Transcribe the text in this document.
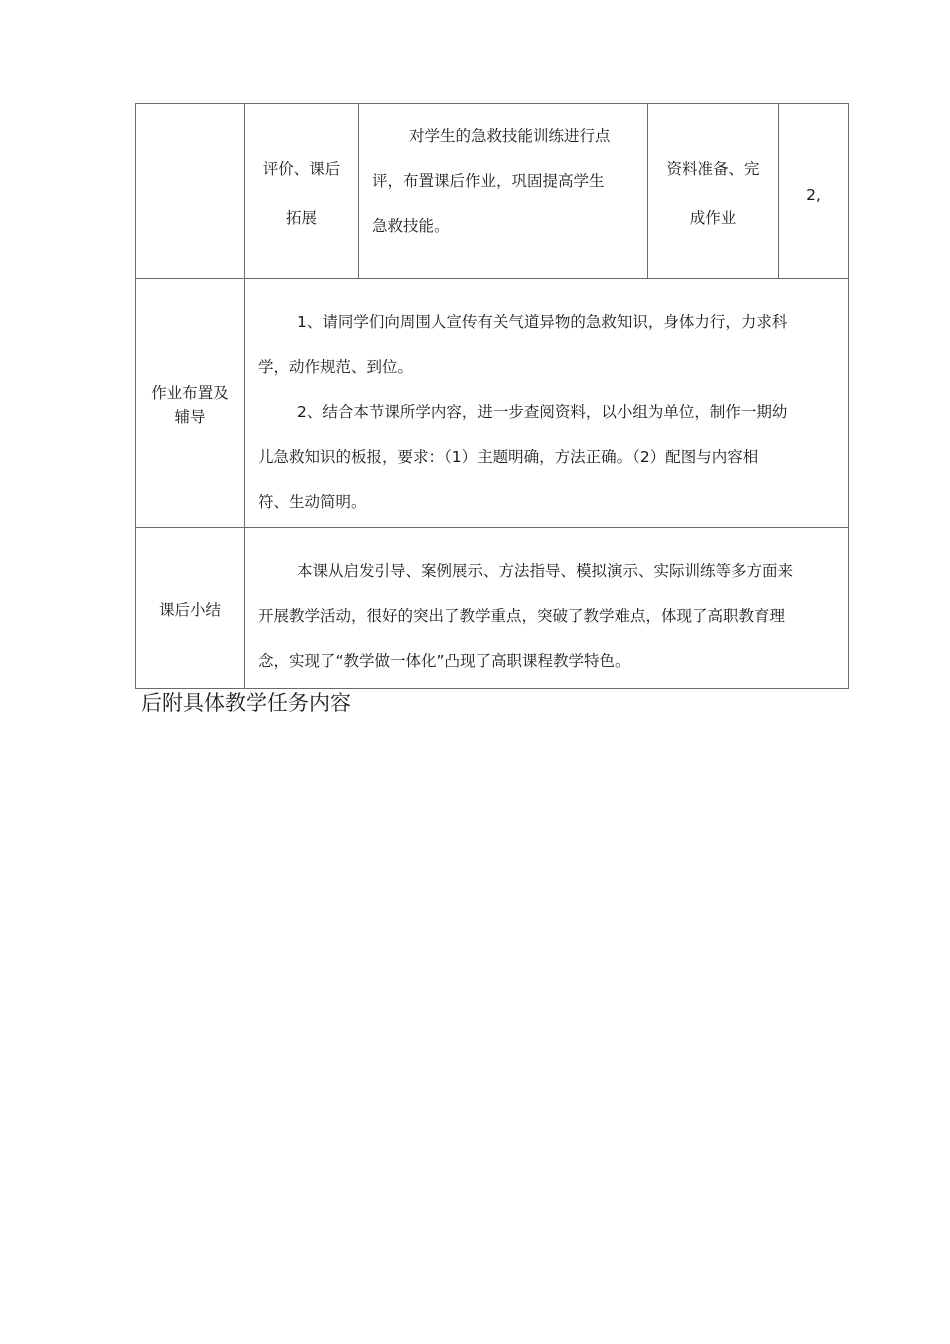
评价、课后
拓展
对学生的急救技能训练进行点
评，布置课后作业，巩固提高学生
急救技能。
资料准备、完
成作业
2,
作业布置及
辅导
1、请同学们向周围人宣传有关气道异物的急救知识，身体力行，力求科
学，动作规范、到位。
2、结合本节课所学内容，进一步查阅资料，以小组为单位，制作一期幼
儿急救知识的板报，要求：（1）主题明确，方法正确。（2）配图与内容相
符、生动简明。
课后小结
本课从启发引导、案例展示、方法指导、模拟演示、实际训练等多方面来
开展教学活动，很好的突出了教学重点，突破了教学难点，体现了高职教育理
念，实现了“教学做一体化”凸现了高职课程教学特色。
后附具体教学任务内容
